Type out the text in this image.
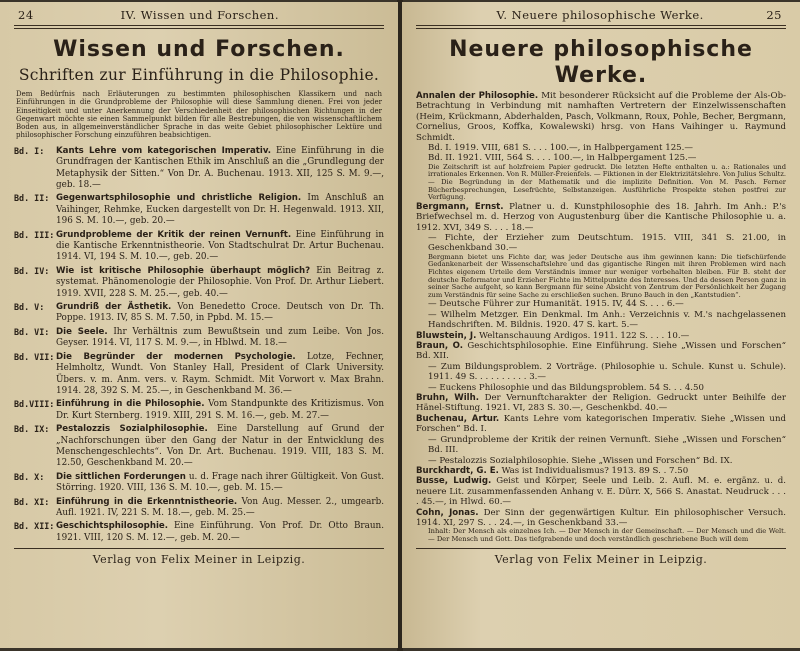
24	IV. Wissen und Forschen.
Wissen und Forschen.
Schriften zur Einführung in die Philosophie.
Dem Bedürfnis nach Erläuterungen zu bestimmten philosophischen Klassikern und nach Einführungen in die Grundprobleme der Philosophie will diese Sammlung dienen. Frei von jeder Einseitigkeit und unter Anerkennung der Verschiedenheit der philosophischen Richtungen in der Gegenwart möchte sie einen Sammelpunkt bilden für alle Bestrebungen, die von wissenschaftlichem Boden aus, in allgemeinverständlicher Sprache in das weite Gebiet philosophischer Lektüre und philosophischer Forschung einzuführen beabsichtigen.
Bd. I:	Kants Lehre vom kategorischen Imperativ. Eine Einführung in die Grundfragen der Kantischen Ethik im Anschluß an die „Grundlegung der Metaphysik der Sitten.“ Von Dr. A. Buchenau. 1913. XII, 125 S. M. 9.—, geb. 18.—
Bd. II: Gegenwartsphilosophie und christliche Religion. Im Anschluß an Vaihinger, Rehmke, Eucken dargestellt von Dr. H. Hegenwald. 1913. XII, 196 S. M. 10.—, geb. 20.—
Bd. III: Grundprobleme der Kritik der reinen Vernunft. Eine Einführung in die Kantische Erkenntnistheorie. Von Stadtschulrat Dr. Artur Buchenau. 1914. VI, 194 S. M. 10.—, geb. 20.—
Bd. IV: Wie ist kritische Philosophie überhaupt möglich? Ein Beitrag z. systemat. Phänomenologie der Philosophie. Von Prof. Dr. Arthur Liebert. 1919. XVII, 228 S. M. 25.—, geb. 40.—
Bd. V:	Grundriß der Ästhetik. Von Benedetto Croce. Deutsch von Dr. Th. Poppe. 1913. IV, 85 S. M. 7.50, in Ppbd. M. 15.—
Bd. VI: Die Seele. Ihr Verhältnis zum Bewußtsein und zum Leibe. Von Jos. Geyser. 1914. VI, 117 S. M. 9.—, in Hblwd. M. 18.—
Bd. VII: Die Begründer der modernen Psychologie. Lotze, Fechner, Helmholtz, Wundt. Von Stanley Hall, President of Clark University. Übers. v. m. Anm. vers. v. Raym. Schmidt. Mit Vorwort v. Max Brahn. 1914. 28, 392 S. M. 25.—, in Geschenkband M. 36.—
Bd.VIII: Einführung in die Philosophie. Vom Standpunkte des Kritizismus. Von Dr. Kurt Sternberg. 1919. XIII, 291 S. M. 16.—, geb. M. 27.—
Bd. IX: Pestalozzis Sozialphilosophie. Eine Darstellung auf Grund der „Nachforschungen über den Gang der Natur in der Entwicklung des Menschengeschlechts“. Von Dr. Art. Buchenau. 1919. VIII, 183 S. M. 12.50, Geschenkband M. 20.—
Bd. X:	Die sittlichen Forderungen u. d. Frage nach ihrer Gültigkeit. Von Gust. Störring. 1920. VIII, 136 S. M. 10.—, geb. M. 15.—
Bd. XI: Einführung in die Erkenntnistheorie. Von Aug. Messer. 2., umgearb. Aufl. 1921. IV, 221 S. M. 18.—, geb. M. 25.—
Bd. XII: Geschichtsphilosophie. Eine Einführung. Von Prof. Dr. Otto Braun. 1921. VIII, 120 S. M. 12.—, geb. M. 20.—
Verlag von Felix Meiner in Leipzig.
V. Neuere philosophische Werke.	25
Neuere philosophische Werke.
Annalen der Philosophie. Mit besonderer Rücksicht auf die Probleme der Als-Ob-Betrachtung in Verbindung mit namhaften Vertretern der Einzelwissenschaften (Heim, Krückmann, Abderhalden, Pasch, Volkmann, Roux, Pohle, Becher, Bergmann, Cornelius, Groos, Koffka, Kowalewski) hrsg. von Hans Vaihinger u. Raymund Schmidt.
Bd. I. 1919. VIII, 681 S. . . . 100.—, in Halbpergament 125.—
Bd. II. 1921. VIII, 564 S. . . . 100.—, in Halbpergament 125.—
Die Zeitschrift ist auf holzfreiem Papier gedruckt. Die letzten Hefte enthalten u. a.: Rationales und irrationales Erkennen. Von R. Müller-Freienfels. — Fiktionen in der Elektrizitätslehre. Von Julius Schultz. — Die Begründung in der Mathematik und die implizite Definition. Von M. Pasch. Ferner Bücherbesprechungen, Lesefrüchte, Selbstanzeigen. Ausführliche Prospekte stehen postfrei zur Verfügung.
Bergmann, Ernst. Platner u. d. Kunstphilosophie des 18. Jahrh. Im Anh.: P.'s Briefwechsel m. d. Herzog von Augustenburg über die Kantische Philosophie u. a. 1912. XVI, 349 S. . . . 18.—
— Fichte, der Erzieher zum Deutschtum. 1915. VIII, 341 S. 21.00, in Geschenkband 30.—
Bergmann bietet uns Fichte dar, was jeder Deutsche aus ihm gewinnen kann: Die tiefschürfende Gedankenarbeit der Wissenschaftslehre und das gigantische Ringen mit ihren Problemen wird nach Fichtes eigenem Urteile dem Verständnis immer nur weniger vorbehalten bleiben. Für B. steht der deutsche Reformator und Erzieher Fichte im Mittelpunkte des Interesses. Und da dessen Person ganz in seiner Sache aufgeht, so kann Bergmann für seine Absicht von Zentrum der Persönlichkeit her Zugang zum Verständnis für seine Sache zu erschließen suchen. Bruno Bauch in den „Kantstudien“.
— Deutsche Führer zur Humanität. 1915. IV, 44 S. . . . 6.—
— Wilhelm Metzger. Ein Denkmal. Im Anh.: Verzeichnis v. M.'s nachgelassenen Handschriften. M. Bildnis. 1920. 47 S. kart. 5.—
Bluwstein, J. Weltanschauung Ardigos. 1911. 122 S. . . . 10.—
Braun, O. Geschichtsphilosophie. Eine Einführung. Siehe „Wissen und Forschen“ Bd. XII.
— Zum Bildungsproblem. 2 Vorträge. (Philosophie u. Schule. Kunst u. Schule). 1911. 49 S. . . . . . . . . . 3.—
— Euckens Philosophie und das Bildungsproblem. 54 S. . . 4.50
Bruhn, Wilh. Der Vernunftcharakter der Religion. Gedruckt unter Beihilfe der Hänel-Stiftung. 1921. VI, 283 S. 30.—, Geschenkbd. 40.—
Buchenau, Artur. Kants Lehre vom kategorischen Imperativ. Siehe „Wissen und Forschen“ Bd. I.
— Grundprobleme der Kritik der reinen Vernunft. Siehe „Wissen und Forschen“ Bd. III.
— Pestalozzis Sozialphilosophie. Siehe „Wissen und Forschen“ Bd. IX.
Burckhardt, G. E. Was ist Individualismus? 1913. 89 S. . 7.50
Busse, Ludwig. Geist und Körper, Seele und Leib. 2. Aufl. M. e. ergänz. u. d. neuere Lit. zusammenfassenden Anhang v. E. Dürr. X, 566 S. Anastat. Neudruck . . . . 45.—, in Hlwd. 60.—
Cohn, Jonas. Der Sinn der gegenwärtigen Kultur. Ein philosophischer Versuch. 1914. XI, 297 S. . . 24.—, in Geschenkband 33.—
Inhalt: Der Mensch als einzelnes Ich. — Der Mensch in der Gemeinschaft. — Der Mensch und die Welt. — Der Mensch und Gott. Das tiefgrabende und doch verständlich geschriebene Buch will dem
Verlag von Felix Meiner in Leipzig.
